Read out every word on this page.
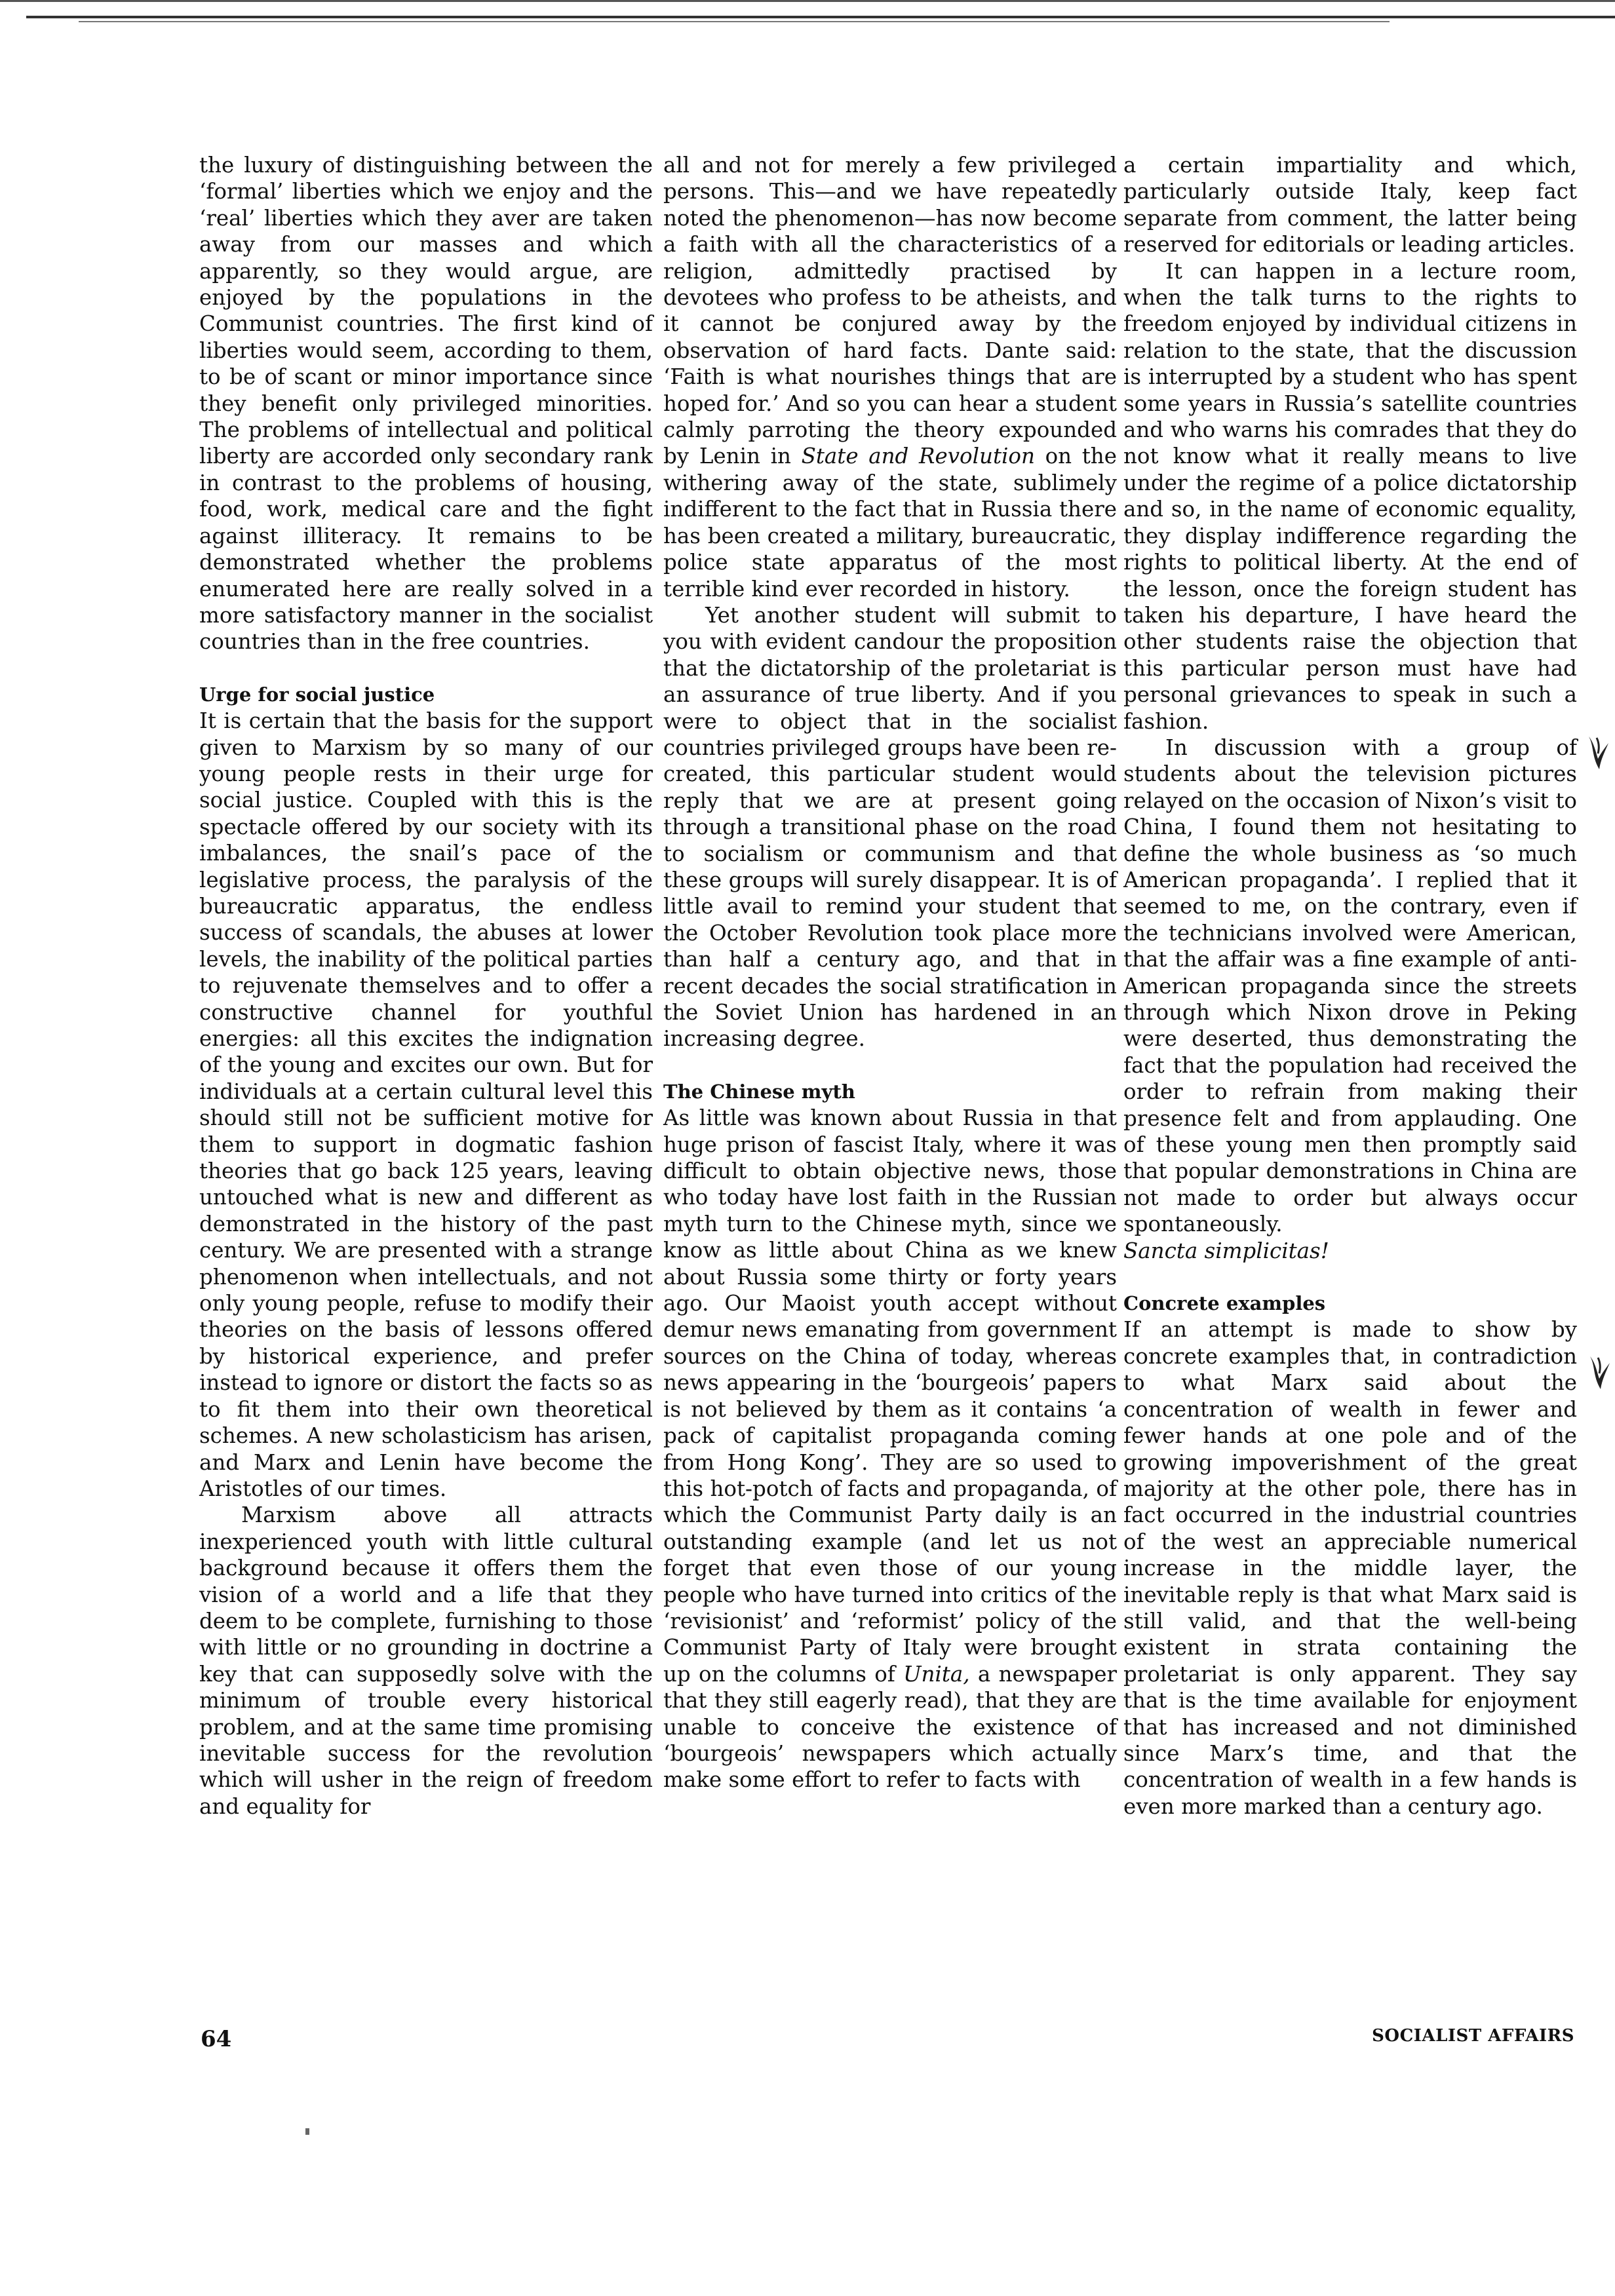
the luxury of distinguishing between the ‘formal’ liberties which we enjoy and the ‘real’ liberties which they aver are taken away from our masses and which apparently, so they would argue, are enjoyed by the populations in the Communist countries. The first kind of liberties would seem, according to them, to be of scant or minor importance since they benefit only privileged minorities. The problems of intellectual and political liberty are accorded only secondary rank in contrast to the problems of housing, food, work, medical care and the fight against illiteracy. It remains to be demonstrated whether the problems enumerated here are really solved in a more satisfactory manner in the socialist countries than in the free countries.

Urge for social justice

It is certain that the basis for the support given to Marxism by so many of our young people rests in their urge for social justice. Coupled with this is the spectacle offered by our society with its imbalances, the snail’s pace of the legislative process, the paralysis of the bureaucratic apparatus, the endless success of scandals, the abuses at lower levels, the inability of the political parties to rejuvenate themselves and to offer a constructive channel for youthful energies: all this excites the indignation of the young and excites our own. But for individuals at a certain cultural level this should still not be sufficient motive for them to support in dogmatic fashion theories that go back 125 years, leaving untouched what is new and different as demonstrated in the history of the past century. We are presented with a strange phenomenon when intellectuals, and not only young people, refuse to modify their theories on the basis of lessons offered by historical experience, and prefer instead to ignore or distort the facts so as to fit them into their own theoretical schemes. A new scholasticism has arisen, and Marx and Lenin have become the Aristotles of our times.

Marxism above all attracts inexperienced youth with little cultural background because it offers them the vision of a world and a life that they deem to be complete, furnishing to those with little or no grounding in doctrine a key that can supposedly solve with the minimum of trouble every historical problem, and at the same time promising inevitable success for the revolution which will usher in the reign of freedom and equality for

all and not for merely a few privileged persons. This—and we have repeatedly noted the phenomenon—has now become a faith with all the characteristics of a religion, admittedly practised by devotees who profess to be atheists, and it cannot be conjured away by the observation of hard facts. Dante said: ‘Faith is what nourishes things that are hoped for.’ And so you can hear a student calmly parroting the theory expounded by Lenin in State and Revolution on the withering away of the state, sublimely indifferent to the fact that in Russia there has been created a military, bureaucratic, police state apparatus of the most terrible kind ever recorded in history.

Yet another student will submit to you with evident candour the proposition that the dictatorship of the proletariat is an assurance of true liberty. And if you were to object that in the socialist countries privileged groups have been re-created, this particular student would reply that we are at present going through a transitional phase on the road to socialism or communism and that these groups will surely disappear. It is of little avail to remind your student that the October Revolution took place more than half a century ago, and that in recent decades the social stratification in the Soviet Union has hardened in an increasing degree.

The Chinese myth

As little was known about Russia in that huge prison of fascist Italy, where it was difficult to obtain objective news, those who today have lost faith in the Russian myth turn to the Chinese myth, since we know as little about China as we knew about Russia some thirty or forty years ago. Our Maoist youth accept without demur news emanating from government sources on the China of today, whereas news appearing in the ‘bourgeois’ papers is not believed by them as it contains ‘a pack of capitalist propaganda coming from Hong Kong’. They are so used to this hot-potch of facts and propaganda, of which the Communist Party daily is an outstanding example (and let us not forget that even those of our young people who have turned into critics of the ‘revisionist’ and ‘reformist’ policy of the Communist Party of Italy were brought up on the columns of Unita, a newspaper that they still eagerly read), that they are unable to conceive the existence of ‘bourgeois’ newspapers which actually make some effort to refer to facts with

a certain impartiality and which, particularly outside Italy, keep fact separate from comment, the latter being reserved for editorials or leading articles.

It can happen in a lecture room, when the talk turns to the rights to freedom enjoyed by individual citizens in relation to the state, that the discussion is interrupted by a student who has spent some years in Russia’s satellite countries and who warns his comrades that they do not know what it really means to live under the regime of a police dictatorship and so, in the name of economic equality, they display indifference regarding the rights to political liberty. At the end of the lesson, once the foreign student has taken his departure, I have heard the other students raise the objection that this particular person must have had personal grievances to speak in such a fashion.

In discussion with a group of students about the television pictures relayed on the occasion of Nixon’s visit to China, I found them not hesitating to define the whole business as ‘so much American propaganda’. I replied that it seemed to me, on the contrary, even if the technicians involved were American, that the affair was a fine example of anti-American propaganda since the streets through which Nixon drove in Peking were deserted, thus demonstrating the fact that the population had received the order to refrain from making their presence felt and from applauding. One of these young men then promptly said that popular demonstrations in China are not made to order but always occur spontaneously.
Sancta simplicitas!

Concrete examples

If an attempt is made to show by concrete examples that, in contradiction to what Marx said about the concentration of wealth in fewer and fewer hands at one pole and of the growing impoverishment of the great majority at the other pole, there has in fact occurred in the industrial countries of the west an appreciable numerical increase in the middle layer, the inevitable reply is that what Marx said is still valid, and that the well-being existent in strata containing the proletariat is only apparent. They say that is the time available for enjoyment that has increased and not diminished since Marx’s time, and that the concentration of wealth in a few hands is even more marked than a century ago.

64	SOCIALIST AFFAIRS
